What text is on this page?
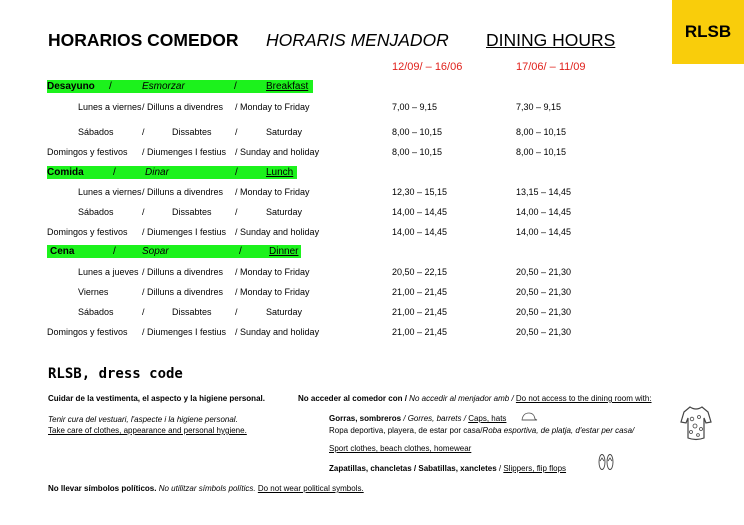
RLSB
HORARIOS COMEDOR HORARIS MENJADOR DINING HOURS
12/09/ – 16/06	17/06/ – 11/09
Desayuno /	Esmorzar	/	Breakfast
Lunes a viernes / Dilluns a divendres / Monday to Friday	7,00 – 9,15	7,30 – 9,15
Sábados	/	Dissabtes	/	Saturday	8,00 – 10,15	8,00 – 10,15
Domingos y festivos / Diumenges I festius / Sunday and holiday	8,00 – 10,15	8,00 – 10,15
Comida	/	Dinar	/	Lunch
Lunes a viernes / Dilluns a divendres / Monday to Friday	12,30 – 15,15	13,15 – 14,45
Sábados	/	Dissabtes	/	Saturday	14,00 – 14,45	14,00 – 14,45
Domingos y festivos / Diumenges I festius / Sunday and holiday	14,00 – 14,45	14,00 – 14,45
Cena	/	Sopar	/	Dinner
Lunes a jueves / Dilluns a divendres / Monday to Friday	20,50 – 22,15	20,50 – 21,30
Viernes	/ Dilluns a divendres / Monday to Friday	21,00 – 21,45	20,50 – 21,30
Sábados	/	Dissabtes	/	Saturday	21,00 – 21,45	20,50 – 21,30
Domingos y festivos / Diumenges I festius / Sunday and holiday	21,00 – 21,45	20,50 – 21,30
RLSB, dress code
Cuidar de la vestimenta, el aspecto y la higiene personal.
Tenir cura del vestuari, l'aspecte i la higiene personal.
Take care of clothes, appearance and personal hygiene.
No acceder al comedor con / No accedir al menjador amb / Do not access to the dining room with:
Gorras, sombreros / Gorres, barrets / Caps, hats
Ropa deportiva, playera, de estar por casa/Roba esportiva, de platja, d'estar per casa/
Sport clothes, beach clothes, homewear
Zapatillas, chancletas / Sabatillas, xancletes / Slippers, flip flops
No llevar símbolos políticos. No utilitzar símbols polítics. Do not wear political symbols.
